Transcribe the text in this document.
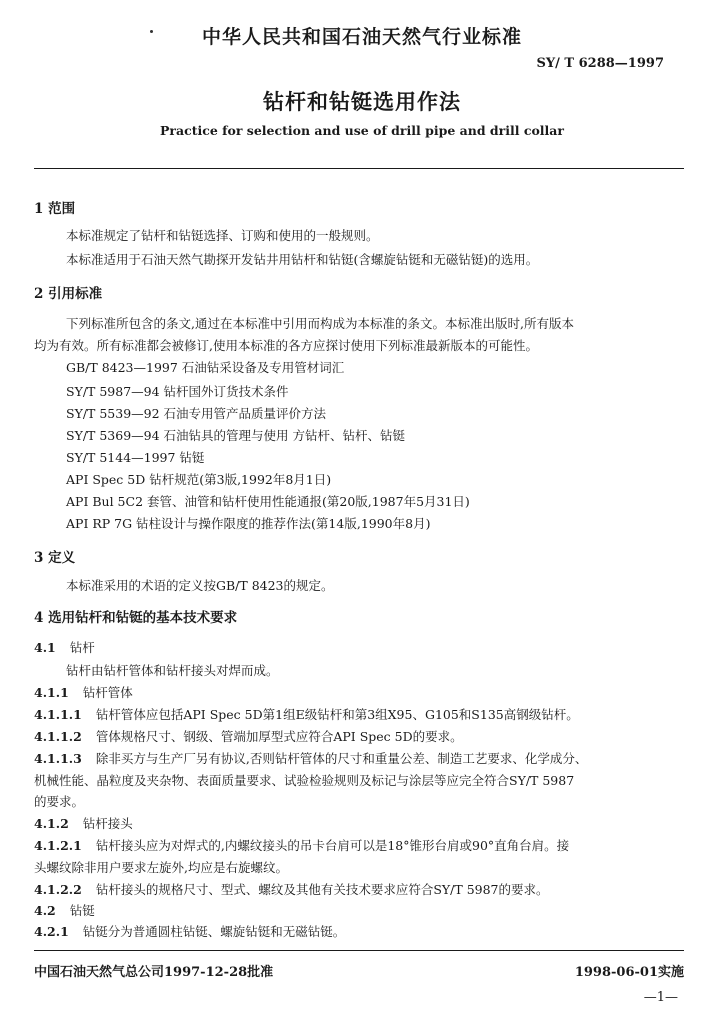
中华人民共和国石油天然气行业标准
SY/ T 6288—1997
钻杆和钻铤选用作法
Practice for selection and use of drill pipe and drill collar
1 范围
本标准规定了钻杆和钻铤选择、订购和使用的一般规则。
本标准适用于石油天然气勘探开发钻井用钻杆和钻铤(含螺旋钻铤和无磁钻铤)的选用。
2 引用标准
下列标准所包含的条文,通过在本标准中引用而构成为本标准的条文。本标准出版时,所有版本
均为有效。所有标准都会被修订,使用本标准的各方应探讨使用下列标准最新版本的可能性。
GB/T 8423—1997 石油钻采设备及专用管材词汇
SY/T 5987—94 钻杆国外订货技术条件
SY/T 5539—92 石油专用管产品质量评价方法
SY/T 5369—94 石油钻具的管理与使用 方钻杆、钻杆、钻铤
SY/T 5144—1997 钻铤
API Spec 5D 钻杆规范(第3版,1992年8月1日)
API Bul 5C2 套管、油管和钻杆使用性能通报(第20版,1987年5月31日)
API RP 7G 钻柱设计与操作限度的推荐作法(第14版,1990年8月)
3 定义
本标准采用的术语的定义按GB/T 8423的规定。
4 选用钻杆和钻铤的基本技术要求
4.1 钻杆
钻杆由钻杆管体和钻杆接头对焊而成。
4.1.1 钻杆管体
4.1.1.1 钻杆管体应包括API Spec 5D第1组E级钻杆和第3组X95、G105和S135高钢级钻杆。
4.1.1.2 管体规格尺寸、钢级、管端加厚型式应符合API Spec 5D的要求。
4.1.1.3 除非买方与生产厂另有协议,否则钻杆管体的尺寸和重量公差、制造工艺要求、化学成分、
机械性能、晶粒度及夹杂物、表面质量要求、试验检验规则及标记与涂层等应完全符合SY/T 5987
的要求。
4.1.2 钻杆接头
4.1.2.1 钻杆接头应为对焊式的,内螺纹接头的吊卡台肩可以是18°锥形台肩或90°直角台肩。接
头螺纹除非用户要求左旋外,均应是右旋螺纹。
4.1.2.2 钻杆接头的规格尺寸、型式、螺纹及其他有关技术要求应符合SY/T 5987的要求。
4.2 钻铤
4.2.1 钻铤分为普通圆柱钻铤、螺旋钻铤和无磁钻铤。
中国石油天然气总公司1997-12-28批准	1998-06-01实施
—1—
